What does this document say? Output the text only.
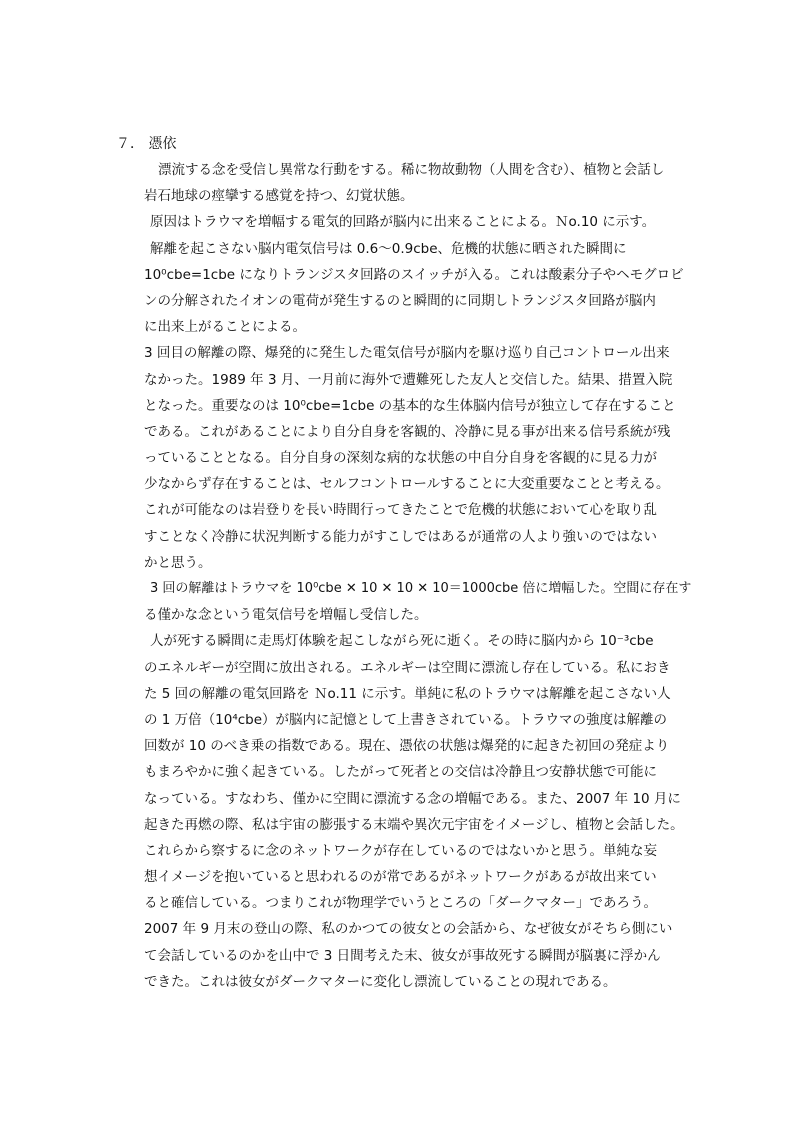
７． 憑依
漂流する念を受信し異常な行動をする。稀に物故動物（人間を含む）、植物と会話し
岩石地球の痙攣する感覚を持つ、幻覚状態。
原因はトラウマを増幅する電気的回路が脳内に出来ることによる。Ｎo.10 に示す。
解離を起こさない脳内電気信号は 0.6～0.9cbe、危機的状態に晒された瞬間に
10⁰cbe=1cbe になりトランジスタ回路のスイッチが入る。これは酸素分子やヘモグロビ
ンの分解されたイオンの電荷が発生するのと瞬間的に同期しトランジスタ回路が脳内
に出来上がることによる。
3 回目の解離の際、爆発的に発生した電気信号が脳内を駆け巡り自己コントロール出来
なかった。1989 年 3 月、一月前に海外で遭難死した友人と交信した。結果、措置入院
となった。重要なのは 10⁰cbe=1cbe の基本的な生体脳内信号が独立して存在すること
である。これがあることにより自分自身を客観的、冷静に見る事が出来る信号系統が残
っていることとなる。自分自身の深刻な病的な状態の中自分自身を客観的に見る力が
少なからず存在することは、セルフコントロールすることに大変重要なことと考える。
これが可能なのは岩登りを長い時間行ってきたことで危機的状態において心を取り乱
すことなく冷静に状況判断する能力がすこしではあるが通常の人より強いのではない
かと思う。
3 回の解離はトラウマを 10⁰cbe ✕ 10 ✕ 10 ✕ 10＝1000cbe 倍に増幅した。空間に存在す
る僅かな念という電気信号を増幅し受信した。
人が死する瞬間に走馬灯体験を起こしながら死に逝く。その時に脳内から 10⁻³cbe
のエネルギーが空間に放出される。エネルギーは空間に漂流し存在している。私におき
た 5 回の解離の電気回路を Ｎo.11 に示す。単純に私のトラウマは解離を起こさない人
の 1 万倍（10⁴cbe）が脳内に記憶として上書きされている。トラウマの強度は解離の
回数が 10 のべき乗の指数である。現在、憑依の状態は爆発的に起きた初回の発症より
もまろやかに強く起きている。したがって死者との交信は冷静且つ安静状態で可能に
なっている。すなわち、僅かに空間に漂流する念の増幅である。また、2007 年 10 月に
起きた再燃の際、私は宇宙の膨張する末端や異次元宇宙をイメージし、植物と会話した。
これらから察するに念のネットワークが存在しているのではないかと思う。単純な妄
想イメージを抱いていると思われるのが常であるがネットワークがあるが故出来てい
ると確信している。つまりこれが物理学でいうところの「ダークマター」であろう。
2007 年 9 月末の登山の際、私のかつての彼女との会話から、なぜ彼女がそちら側にい
て会話しているのかを山中で 3 日間考えた末、彼女が事故死する瞬間が脳裏に浮かん
できた。これは彼女がダークマターに変化し漂流していることの現れである。
